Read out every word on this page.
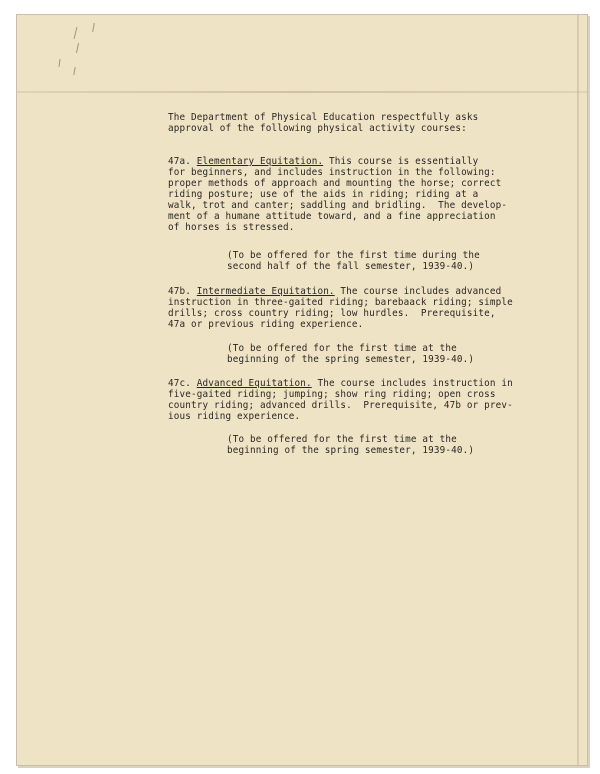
The Department of Physical Education respectfully asks
approval of the following physical activity courses:
47a. Elementary Equitation. This course is essentially
for beginners, and includes instruction in the following:
proper methods of approach and mounting the horse; correct
riding posture; use of the aids in riding; riding at a
walk, trot and canter; saddling and bridling.  The develop-
ment of a humane attitude toward, and a fine appreciation
of horses is stressed.
(To be offered for the first time during the
second half of the fall semester, 1939-40.)
47b. Intermediate Equitation. The course includes advanced
instruction in three-gaited riding; barebaack riding; simple
drills; cross country riding; low hurdles.  Prerequisite,
47a or previous riding experience.
(To be offered for the first time at the
beginning of the spring semester, 1939-40.)
47c. Advanced Equitation. The course includes instruction in
five-gaited riding; jumping; show ring riding; open cross
country riding; advanced drills.  Prerequisite, 47b or prev-
ious riding experience.
(To be offered for the first time at the
beginning of the spring semester, 1939-40.)
